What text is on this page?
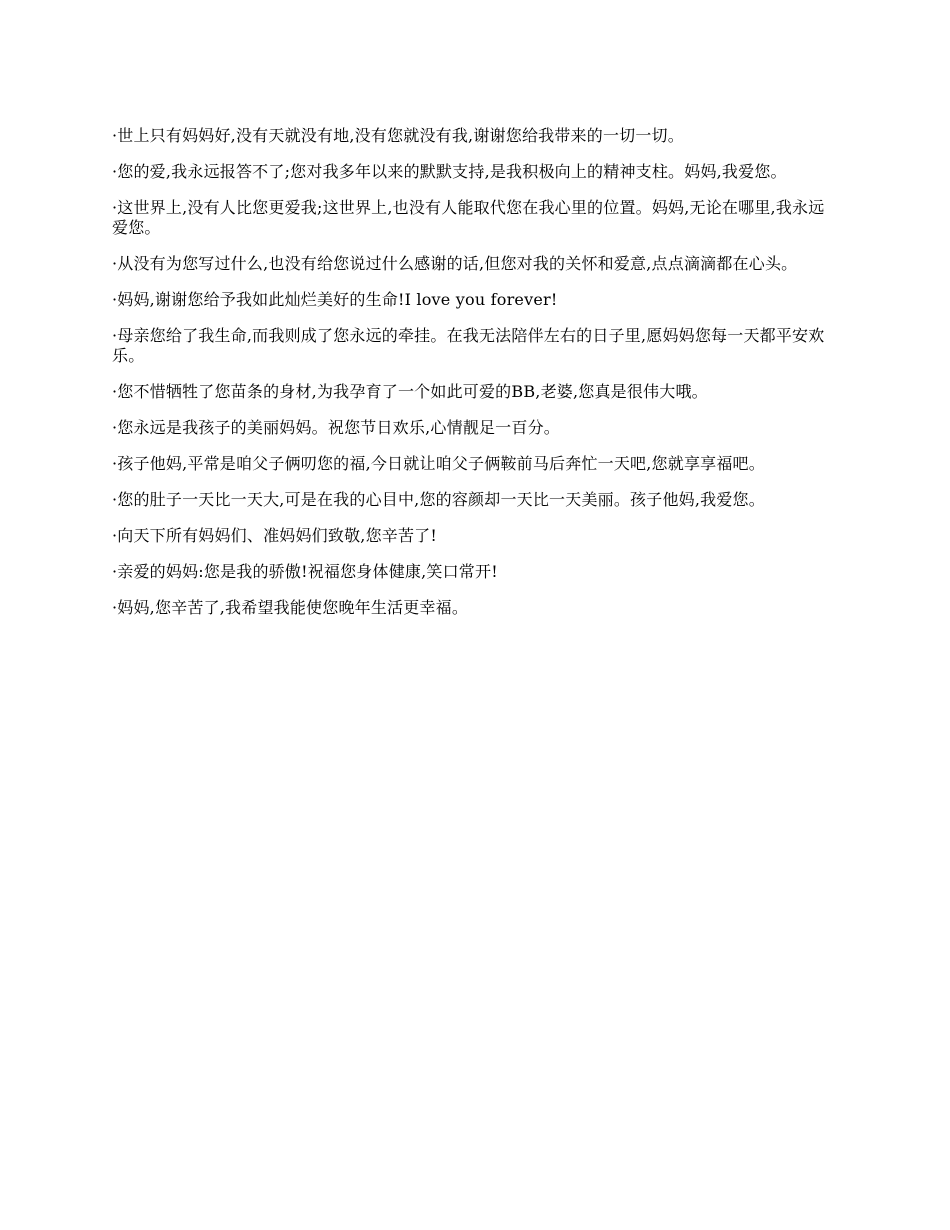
·世上只有妈妈好,没有天就没有地,没有您就没有我,谢谢您给我带来的一切一切。

·您的爱,我永远报答不了;您对我多年以来的默默支持,是我积极向上的精神支柱。妈妈,我爱您。

·这世界上,没有人比您更爱我;这世界上,也没有人能取代您在我心里的位置。妈妈,无论在哪里,我永远爱您。

·从没有为您写过什么,也没有给您说过什么感谢的话,但您对我的关怀和爱意,点点滴滴都在心头。

·妈妈,谢谢您给予我如此灿烂美好的生命!I love you forever!

·母亲您给了我生命,而我则成了您永远的牵挂。在我无法陪伴左右的日子里,愿妈妈您每一天都平安欢乐。

·您不惜牺牲了您苗条的身材,为我孕育了一个如此可爱的BB,老婆,您真是很伟大哦。

·您永远是我孩子的美丽妈妈。祝您节日欢乐,心情靓足一百分。

·孩子他妈,平常是咱父子俩叨您的福,今日就让咱父子俩鞍前马后奔忙一天吧,您就享享福吧。

·您的肚子一天比一天大,可是在我的心目中,您的容颜却一天比一天美丽。孩子他妈,我爱您。

·向天下所有妈妈们、准妈妈们致敬,您辛苦了!

·亲爱的妈妈:您是我的骄傲!祝福您身体健康,笑口常开!

·妈妈,您辛苦了,我希望我能使您晚年生活更幸福。
